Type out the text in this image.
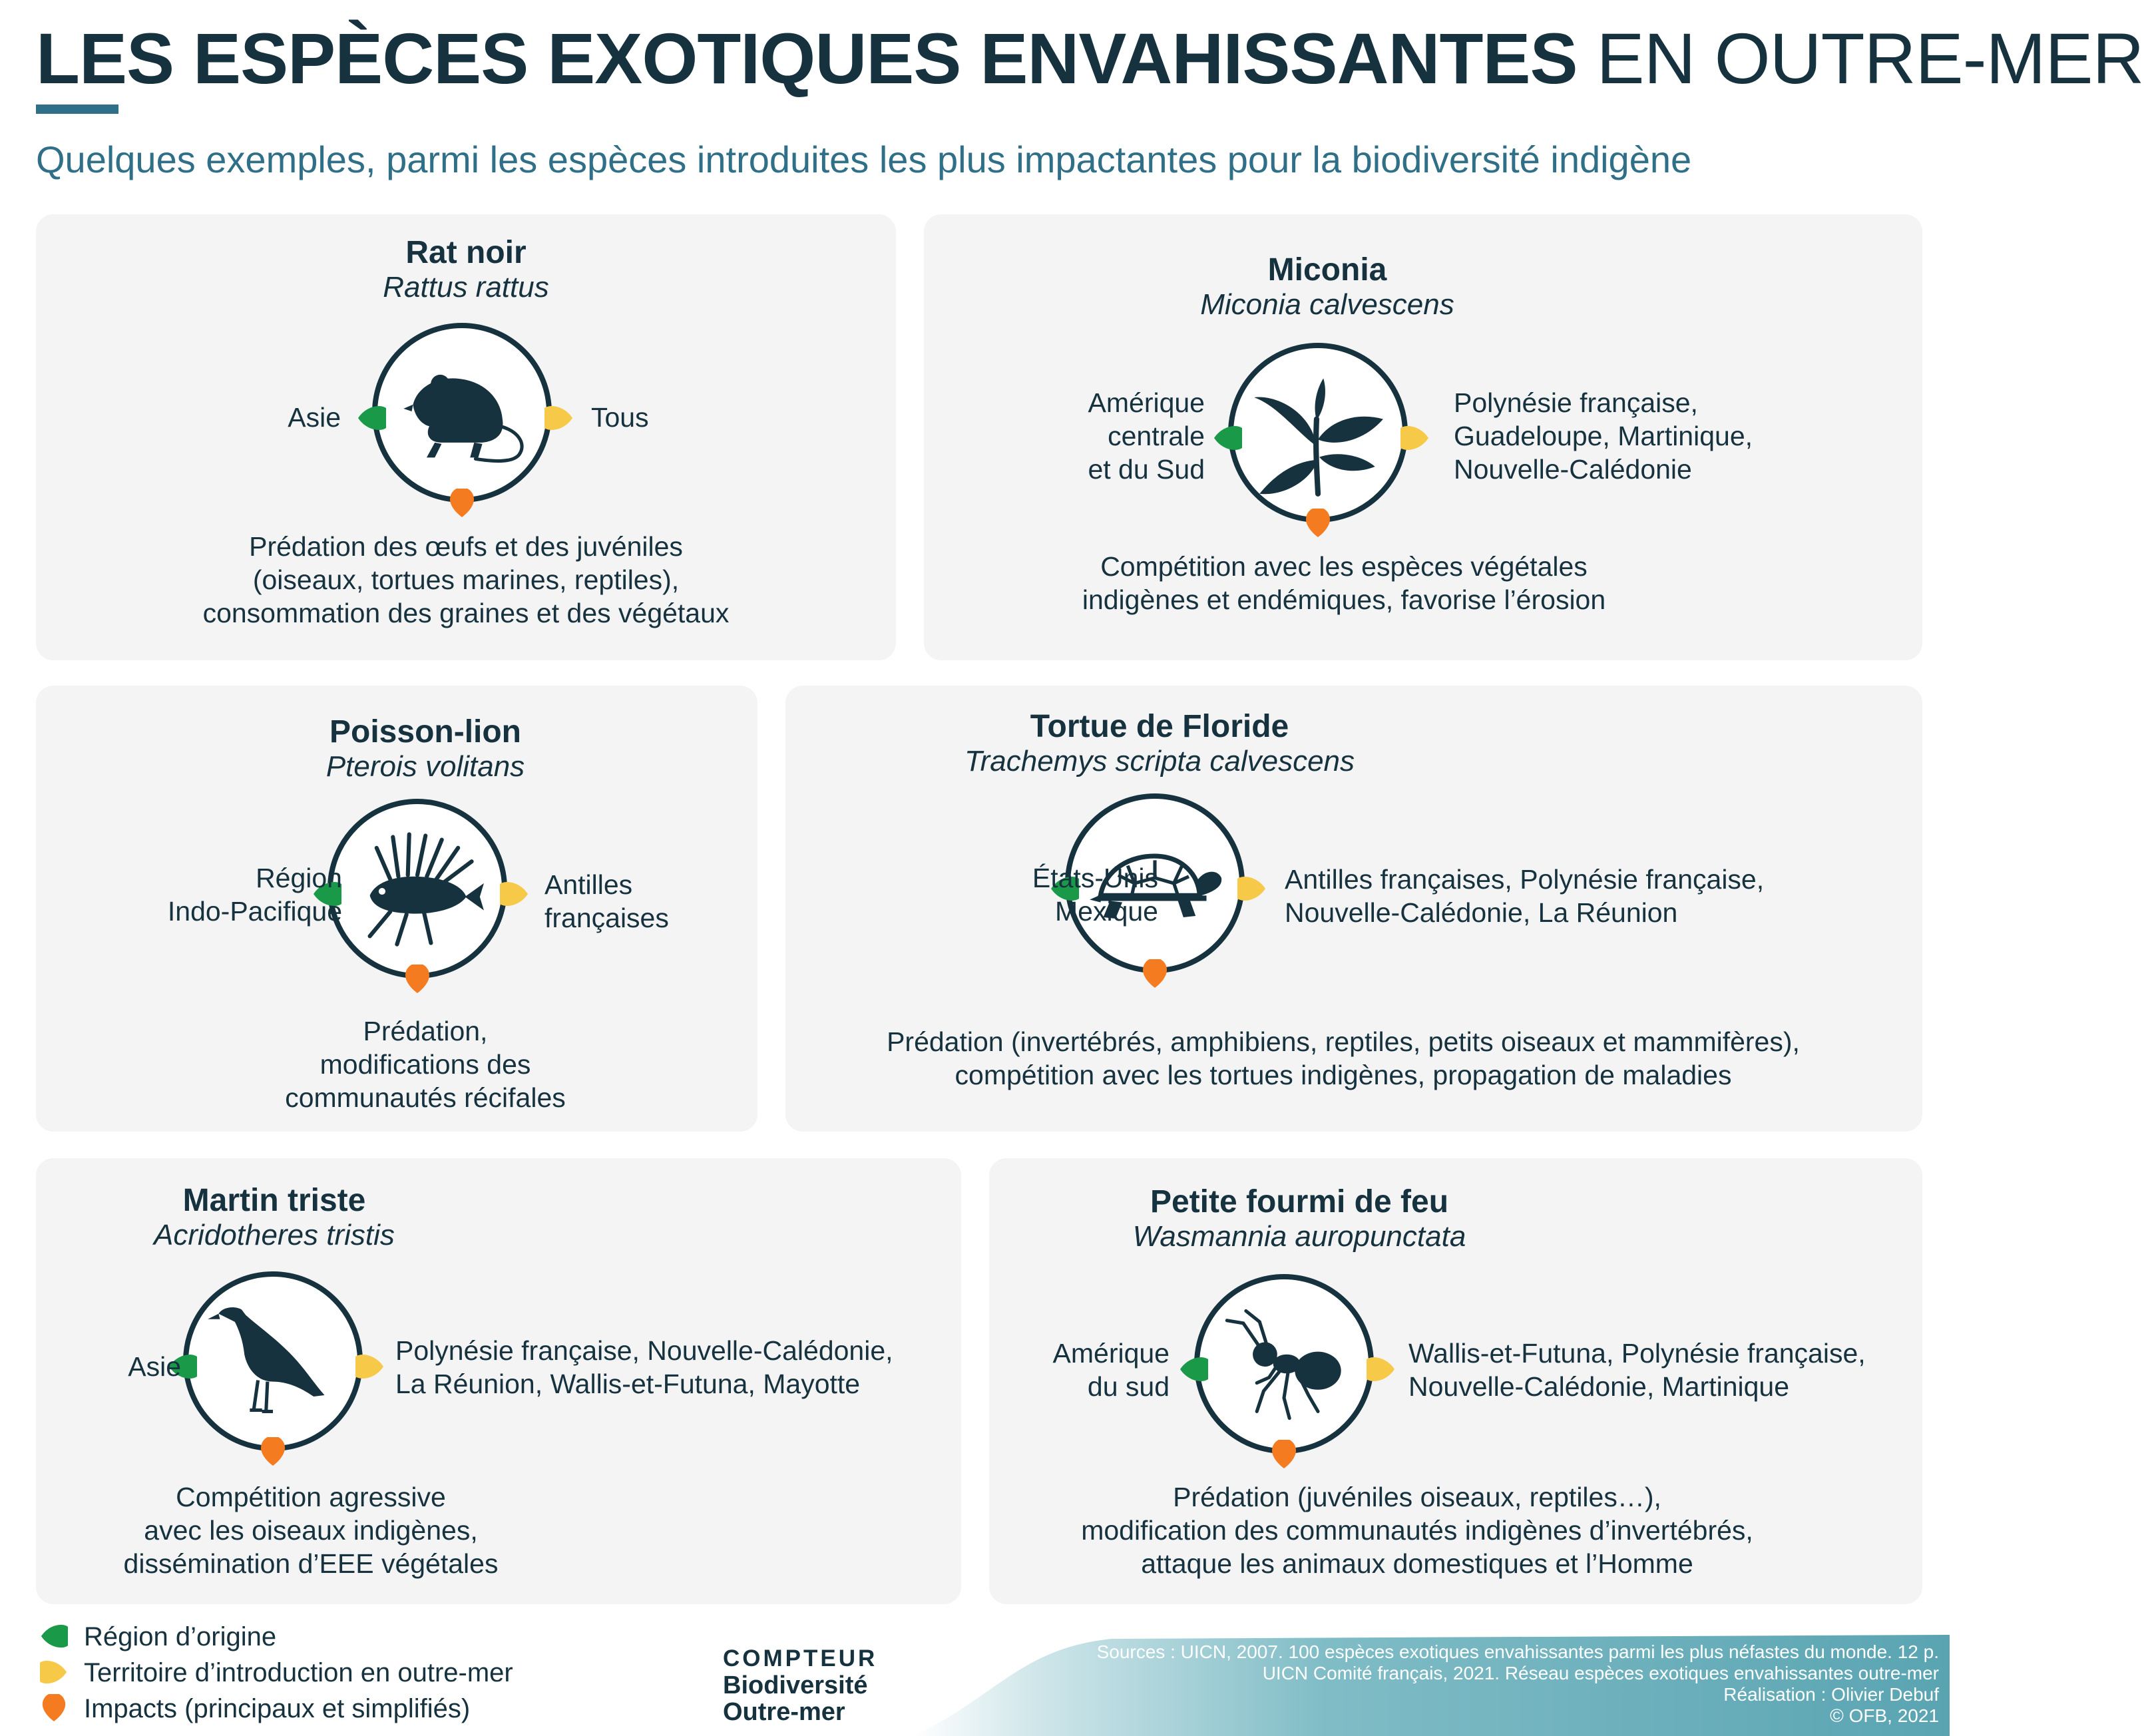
LES ESPÈCES EXOTIQUES ENVAHISSANTES EN OUTRE-MER
Quelques exemples, parmi les espèces introduites les plus impactantes pour la biodiversité indigène
Rat noir
Rattus rattus
Asie	Tous
Prédation des œufs et des juvéniles
(oiseaux, tortues marines, reptiles),
consommation des graines et des végétaux
Miconia
Miconia calvescens
Amérique
centrale
et du Sud
Polynésie française,
Guadeloupe, Martinique,
Nouvelle-Calédonie
Compétition avec les espèces végétales
indigènes et endémiques, favorise l’érosion
Poisson-lion
Pterois volitans
Région
Indo-Pacifique
Antilles
françaises
Prédation,
modifications des
communautés récifales
Tortue de Floride
Trachemys scripta calvescens
États-Unis
Mexique
Antilles françaises, Polynésie française,
Nouvelle-Calédonie, La Réunion
Prédation (invertébrés, amphibiens, reptiles, petits oiseaux et mammifères),
compétition avec les tortues indigènes, propagation de maladies
Martin triste
Acridotheres tristis
Asie
Polynésie française, Nouvelle-Calédonie,
La Réunion, Wallis-et-Futuna, Mayotte
Compétition agressive
avec les oiseaux indigènes,
dissémination d’EEE végétales
Petite fourmi de feu
Wasmannia auropunctata
Amérique
du sud
Wallis-et-Futuna, Polynésie française,
Nouvelle-Calédonie, Martinique
Prédation (juvéniles oiseaux, reptiles…),
modification des communautés indigènes d’invertébrés,
attaque les animaux domestiques et l’Homme
Région d’origine
Territoire d’introduction en outre-mer
Impacts (principaux et simplifiés)
COMPTEUR
Biodiversité
Outre-mer
Sources : UICN, 2007. 100 espèces exotiques envahissantes parmi les plus néfastes du monde. 12 p.
UICN Comité français, 2021. Réseau espèces exotiques envahissantes outre-mer
Réalisation : Olivier Debuf
© OFB, 2021
